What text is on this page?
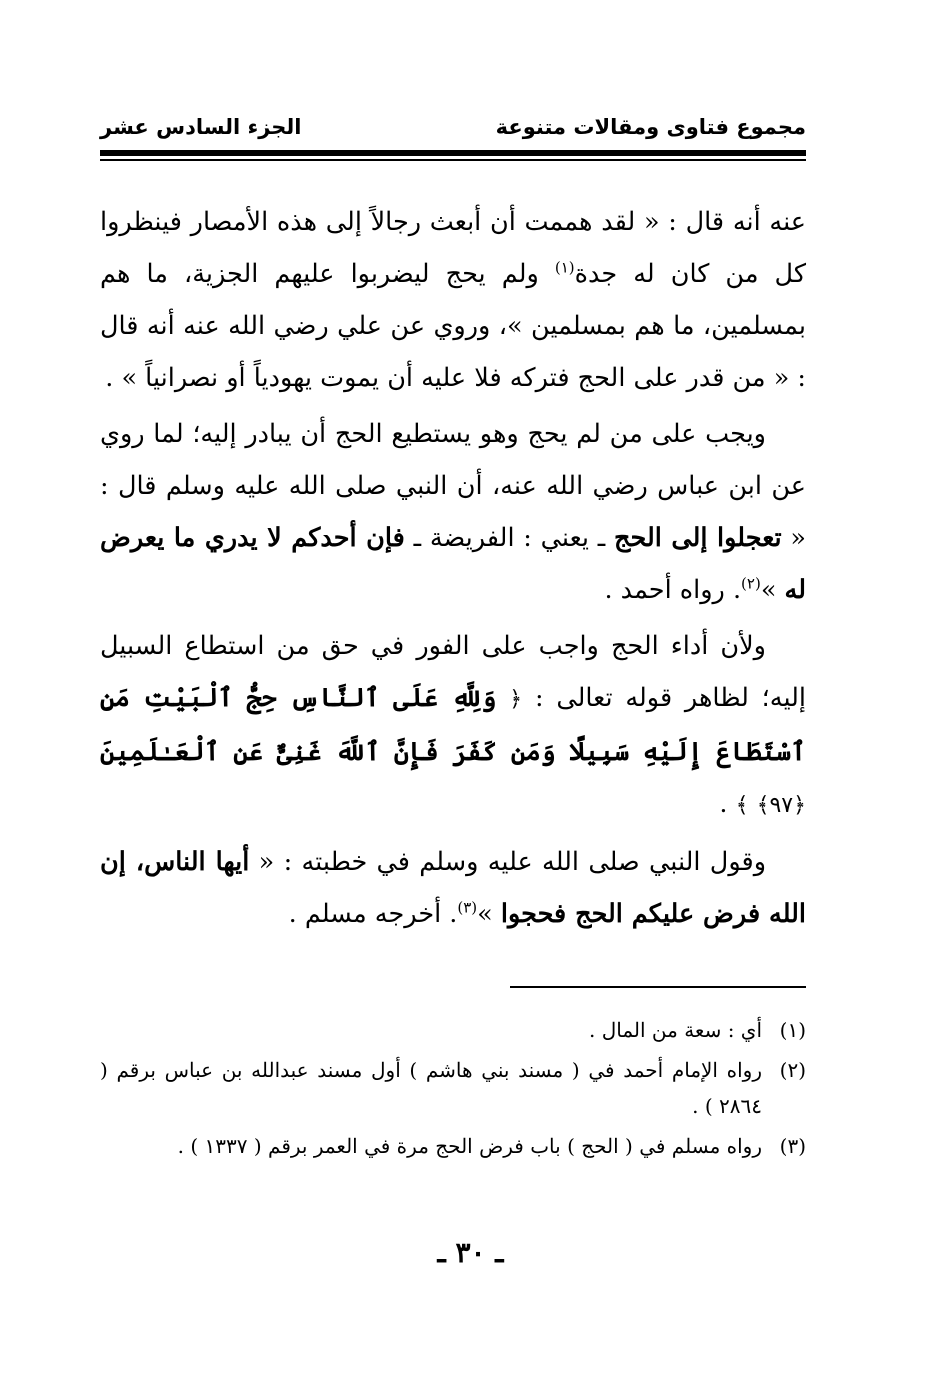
مجموع فتاوى ومقالات متنوعة
الجزء السادس عشر

عنه أنه قال : « لقد هممت أن أبعث رجالاً إلى هذه الأمصار فينظروا كل من كان له جدة$^{(١)}$ ولم يحج ليضربوا عليهم الجزية، ما هم بمسلمين، ما هم بمسلمين »، وروي عن علي رضي الله عنه أنه قال : « من قدر على الحج فتركه فلا عليه أن يموت يهودياً أو نصرانياً » .

ويجب على من لم يحج وهو يستطيع الحج أن يبادر إليه؛ لما روي عن ابن عباس رضي الله عنه، أن النبي صلى الله عليه وسلم قال : « تعجلوا إلى الحج ـ يعني : الفريضة ـ فإن أحدكم لا يدري ما يعرض له »$^{(٢)}$. رواه أحمد .

ولأن أداء الحج واجب على الفور في حق من استطاع السبيل إليه؛ لظاهر قوله تعالى : ﴿ وَلِلَّهِ عَلَى ٱلنَّاسِ حِجُّ ٱلْبَيْتِ مَنِ ٱسْتَطَاعَ إِلَيْهِ سَبِيلًا وَمَن كَفَرَ فَإِنَّ ٱللَّهَ غَنِىٌّ عَنِ ٱلْعَـٰلَمِينَ ﴿٩٧﴾ ﴾ .

وقول النبي صلى الله عليه وسلم في خطبته : « أيها الناس، إن الله فرض عليكم الحج فحجوا »$^{(٣)}$. أخرجه مسلم .

(١)
أي : سعة من المال .
(٢)
رواه الإمام أحمد في ( مسند بني هاشم ) أول مسند عبدالله بن عباس برقم ( ٢٨٦٤ ) .
(٣)
رواه مسلم في ( الحج ) باب فرض الحج مرة في العمر برقم ( ١٣٣٧ ) .
ـ ٣٠ ـ
